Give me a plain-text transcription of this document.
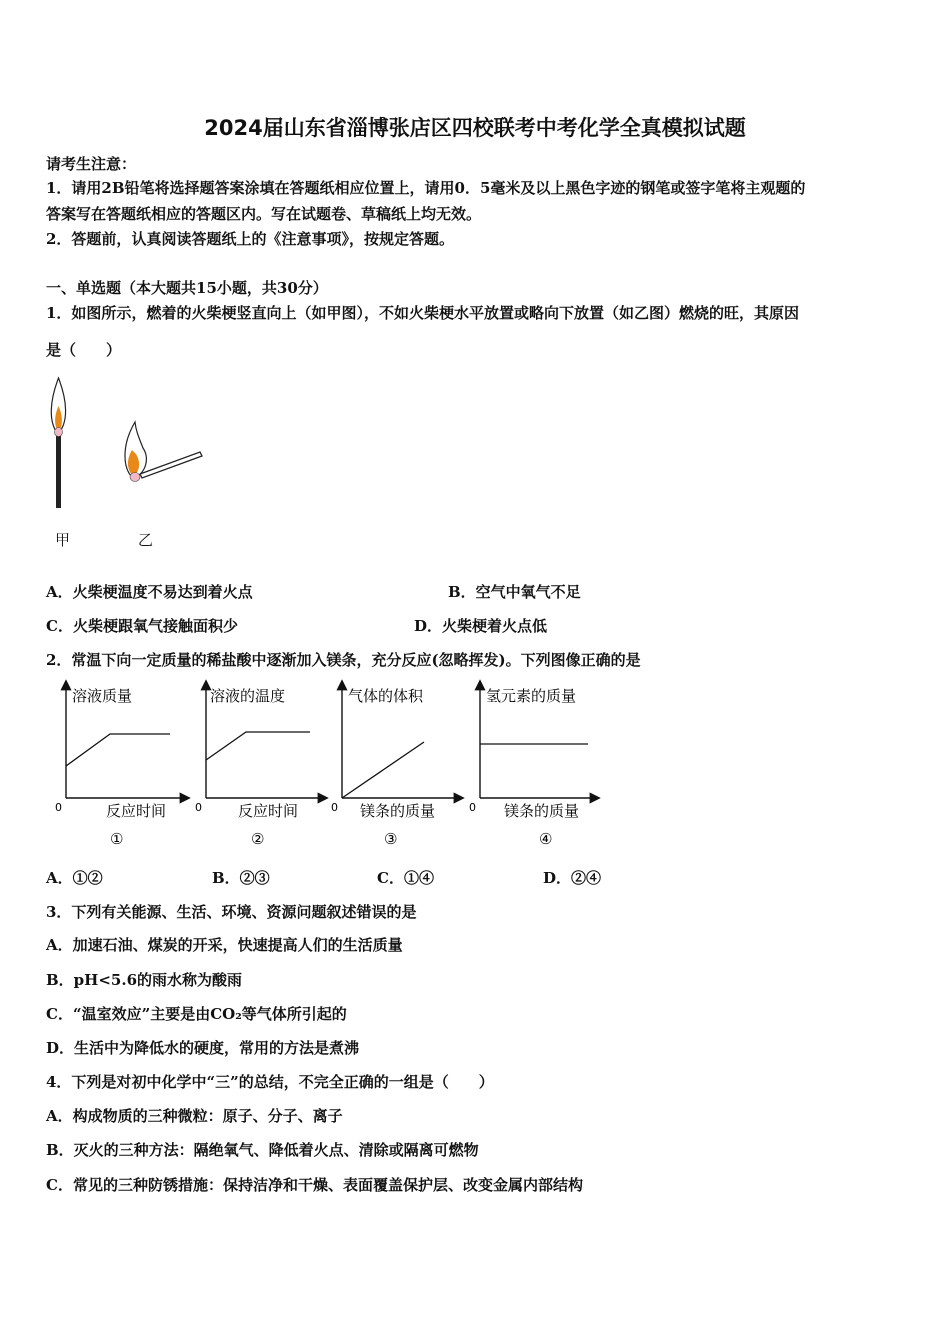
2024届山东省淄博张店区四校联考中考化学全真模拟试题
请考生注意：
1．请用2B铅笔将选择题答案涂填在答题纸相应位置上，请用0．5毫米及以上黑色字迹的钢笔或签字笔将主观题的
答案写在答题纸相应的答题区内。写在试题卷、草稿纸上均无效。
2．答题前，认真阅读答题纸上的《注意事项》，按规定答题。
一、单选题（本大题共15小题，共30分）
1．如图所示，燃着的火柴梗竖直向上（如甲图），不如火柴梗水平放置或略向下放置（如乙图）燃烧的旺，其原因
是（　　）
甲	乙
A．火柴梗温度不易达到着火点	B．空气中氧气不足
C．火柴梗跟氧气接触面积少	D．火柴梗着火点低
2．常温下向一定质量的稀盐酸中逐渐加入镁条，充分反应(忽略挥发)。下列图像正确的是
溶液质量
反应时间
0
①
溶液的温度
反应时间
0
②
气体的体积
镁条的质量
0
③
氢元素的质量
镁条的质量
0
④
A．①②	B．②③	C．①④	D．②④
3．下列有关能源、生活、环境、资源问题叙述错误的是
A．加速石油、煤炭的开采，快速提高人们的生活质量
B．pH<5.6的雨水称为酸雨
C．“温室效应”主要是由CO₂等气体所引起的
D．生活中为降低水的硬度，常用的方法是煮沸
4．下列是对初中化学中“三”的总结，不完全正确的一组是（　　）
A．构成物质的三种微粒：原子、分子、离子
B．灭火的三种方法：隔绝氧气、降低着火点、清除或隔离可燃物
C．常见的三种防锈措施：保持洁净和干燥、表面覆盖保护层、改变金属内部结构
